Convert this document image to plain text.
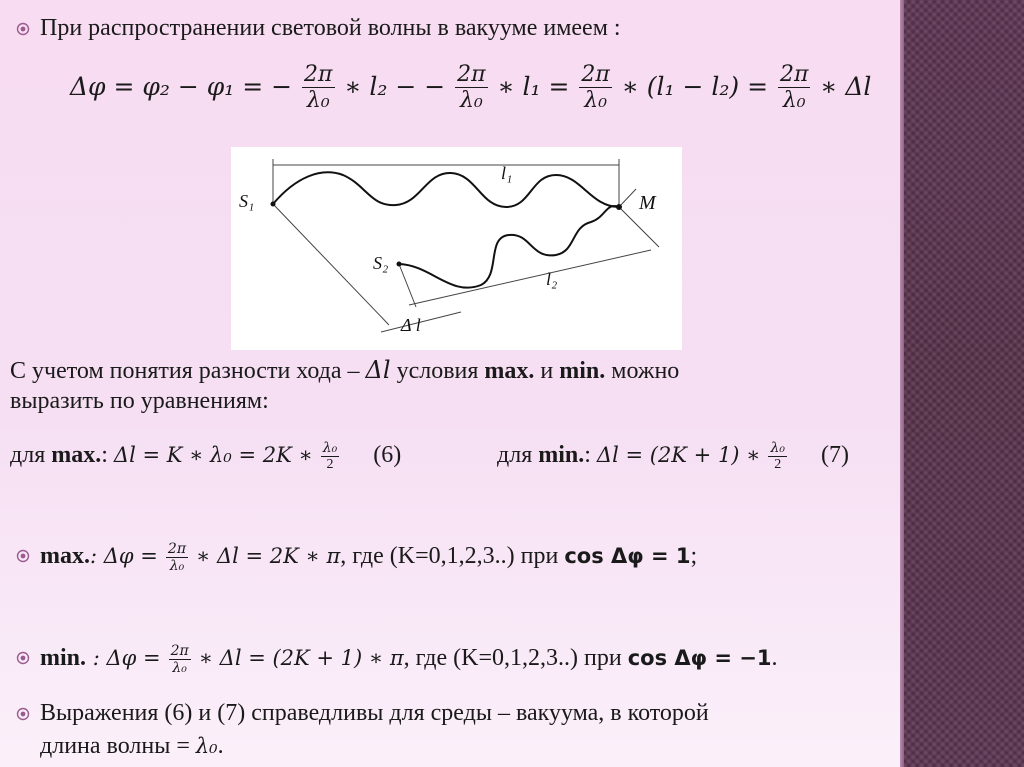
При распространении световой волны в вакууме имеем :
Δφ = φ₂ − φ₁ = − $\frac{2\pi}{\text{λ₀}}$ ∗ l₂ − − $\frac{2\pi}{\text{λ₀}}$ ∗ $l_1 = \frac{2\pi}{\text{λ₀}}$ ∗ $(l_1 - l_2) = \frac{2\pi}{\text{λ₀}}$ ∗ Δl
S₁
S₂
M
l₁
l₂
Δ l
С учетом понятия разности хода – Δl условия max. и min. можно
выразить по уравнениям:
для max.: Δl = K ∗ λ₀ = 2K ∗ $\frac{\text{λ₀}}{2} (6)$	для min.: Δl = (2K + 1) ∗ $\frac{\text{λ₀}}{2} (7)$
max.: $\Delta\varphi = \frac{2\pi}{\text{λ₀}}$ ∗ Δl = 2K ∗ π, где (K=0,1,2,3..) при cos Δφ = 1;
min. : $\Delta\varphi = \frac{2\pi}{\text{λ₀}}$ ∗ Δl = (2K + 1) ∗ π, где (K=0,1,2,3..) при cos Δφ = −1.
Выражения (6) и (7) справедливы для среды – вакуума, в которой
длина волны = λ₀.
